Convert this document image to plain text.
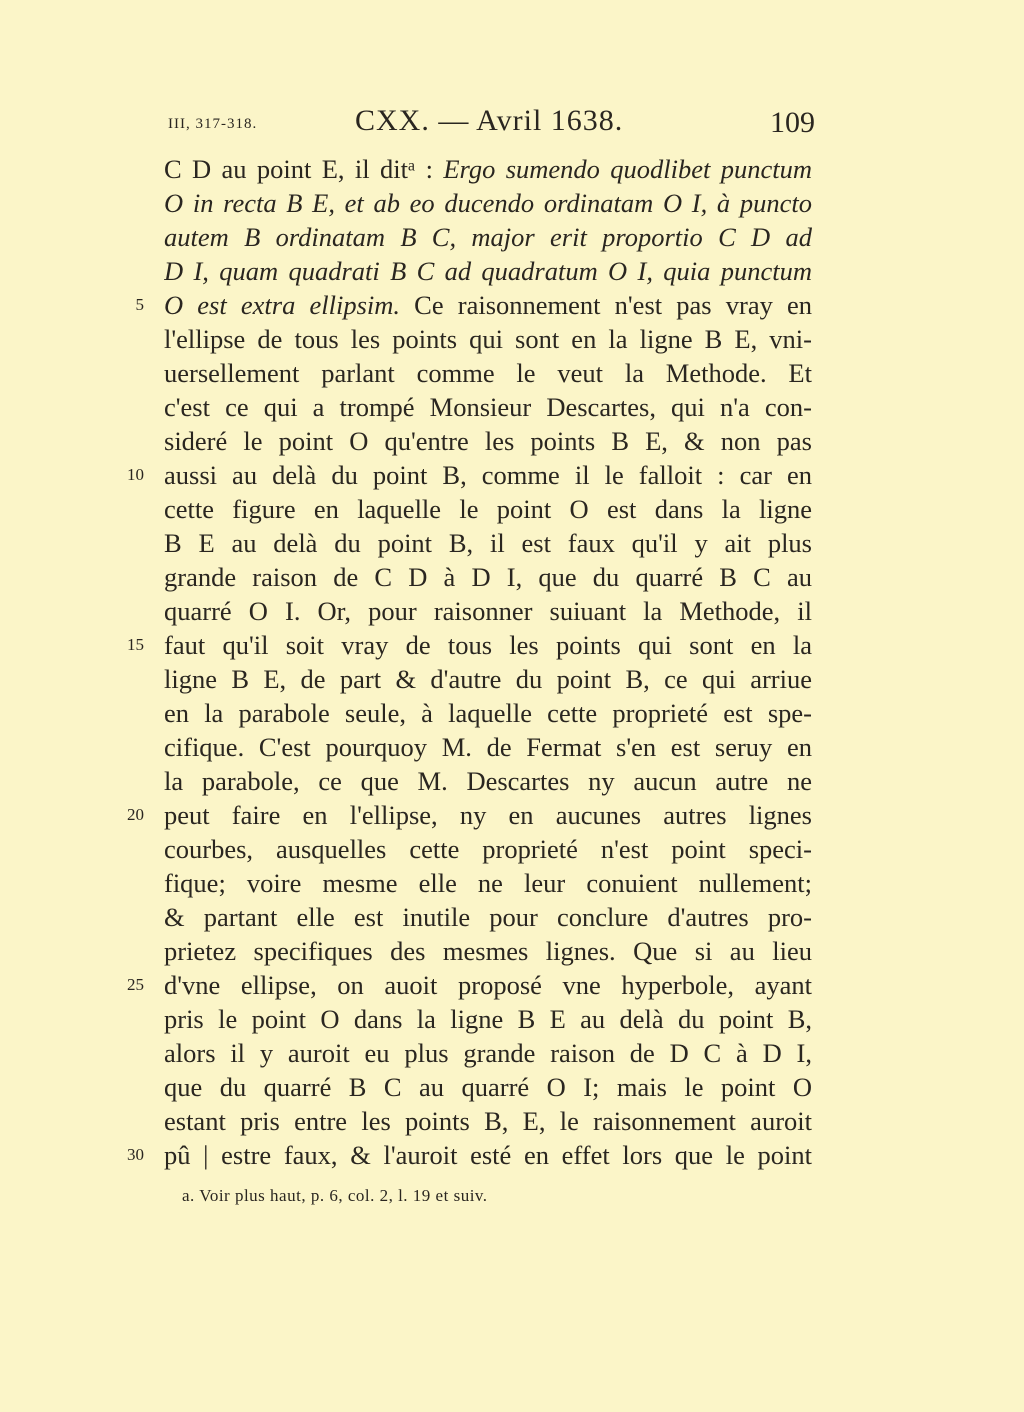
III, 317-318.	CXX. — Avril 1638.	109
C D au point E, il ditᵃ : Ergo sumendo quodlibet punctum
O in recta B E, et ab eo ducendo ordinatam O I, à puncto
autem B ordinatam B C, major erit proportio C D ad
D I, quam quadrati B C ad quadratum O I, quia punctum
5 O est extra ellipsim. Ce raisonnement n'est pas vray en
l'ellipse de tous les points qui sont en la ligne B E, vni-
uersellement parlant comme le veut la Methode. Et
c'est ce qui a trompé Monsieur Descartes, qui n'a con-
sideré le point O qu'entre les points B E, & non pas
10 aussi au delà du point B, comme il le falloit : car en
cette figure en laquelle le point O est dans la ligne
B E au delà du point B, il est faux qu'il y ait plus
grande raison de C D à D I, que du quarré B C au
quarré O I. Or, pour raisonner suiuant la Methode, il
15 faut qu'il soit vray de tous les points qui sont en la
ligne B E, de part & d'autre du point B, ce qui arriue
en la parabole seule, à laquelle cette proprieté est spe-
cifique. C'est pourquoy M. de Fermat s'en est seruy en
la parabole, ce que M. Descartes ny aucun autre ne
20 peut faire en l'ellipse, ny en aucunes autres lignes
courbes, ausquelles cette proprieté n'est point speci-
fique; voire mesme elle ne leur conuient nullement;
& partant elle est inutile pour conclure d'autres pro-
prietez specifiques des mesmes lignes. Que si au lieu
25 d'vne ellipse, on auoit proposé vne hyperbole, ayant
pris le point O dans la ligne B E au delà du point B,
alors il y auroit eu plus grande raison de D C à D I,
que du quarré B C au quarré O I; mais le point O
estant pris entre les points B, E, le raisonnement auroit
30 pû | estre faux, & l'auroit esté en effet lors que le point
a. Voir plus haut, p. 6, col. 2, l. 19 et suiv.
